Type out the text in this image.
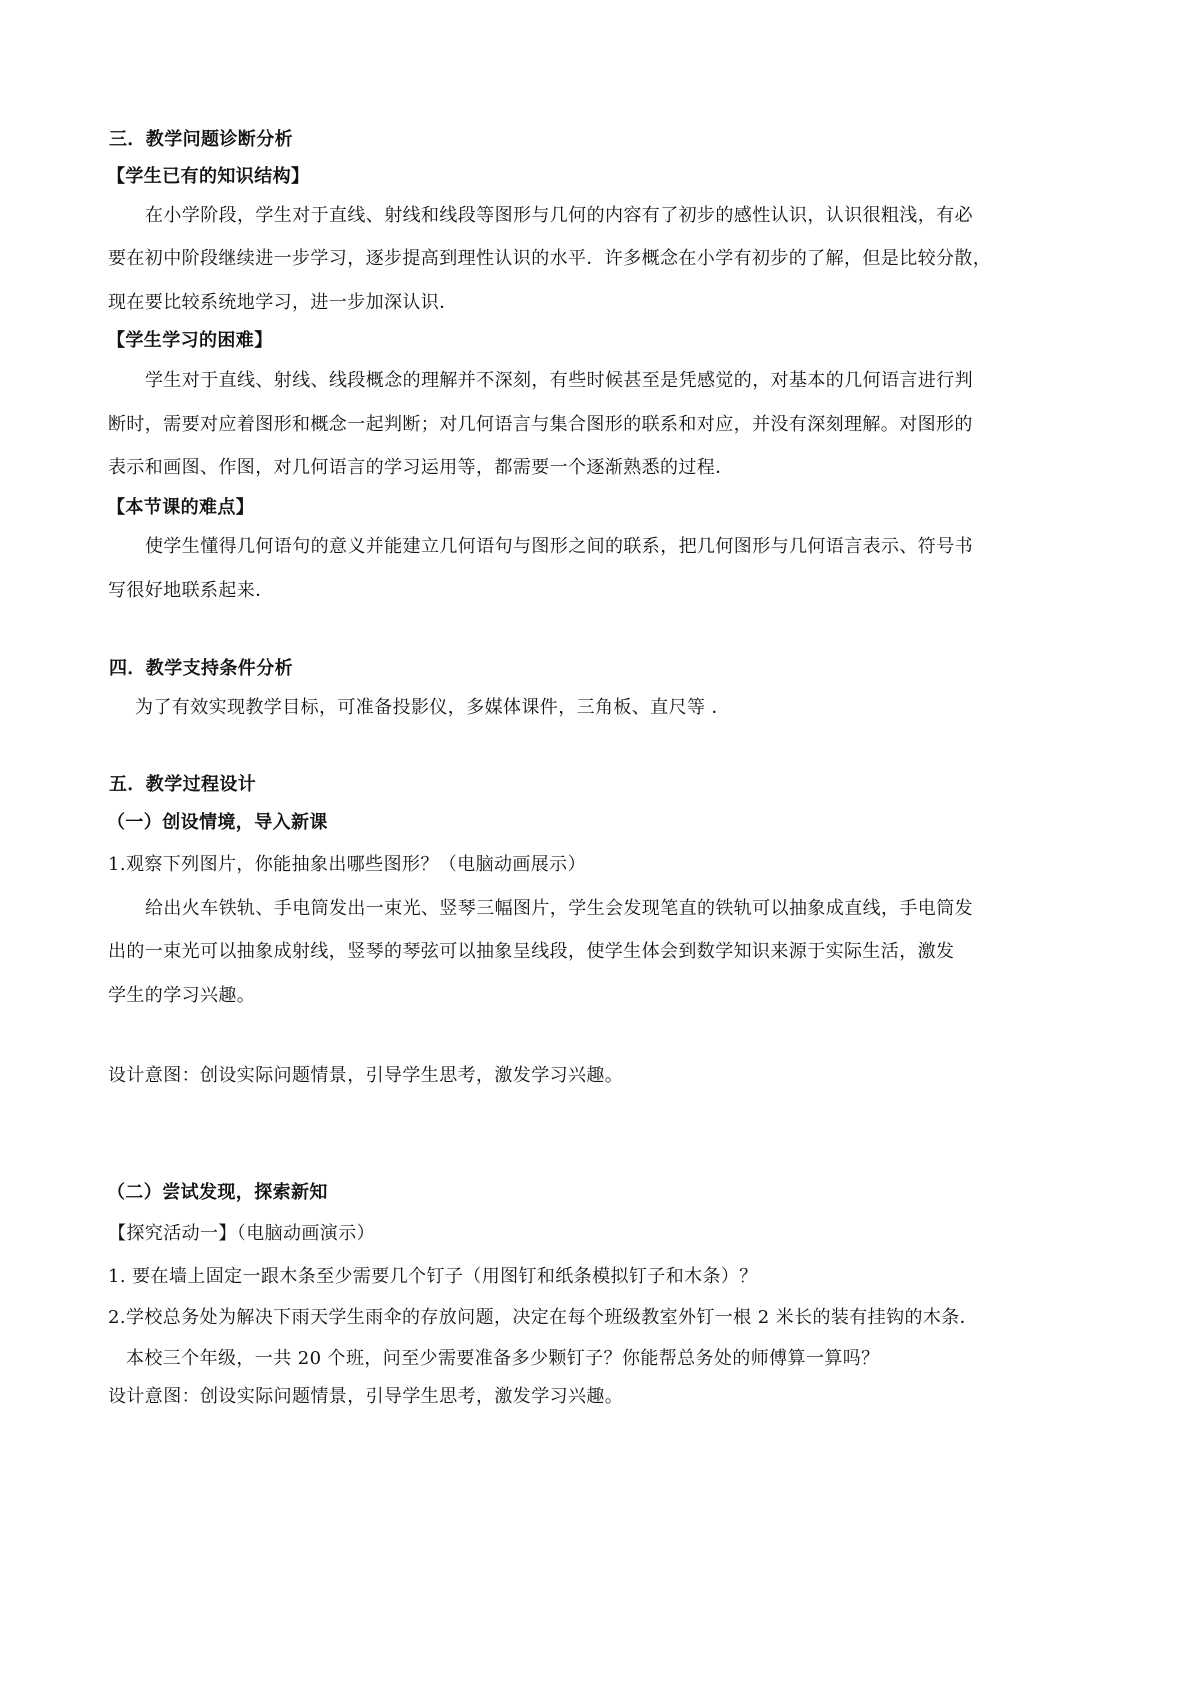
三．教学问题诊断分析
【学生已有的知识结构】
在小学阶段，学生对于直线、射线和线段等图形与几何的内容有了初步的感性认识，认识很粗浅，有必
要在初中阶段继续进一步学习，逐步提高到理性认识的水平．许多概念在小学有初步的了解，但是比较分散，
现在要比较系统地学习，进一步加深认识．
【学生学习的困难】
学生对于直线、射线、线段概念的理解并不深刻，有些时候甚至是凭感觉的，对基本的几何语言进行判
断时，需要对应着图形和概念一起判断；对几何语言与集合图形的联系和对应，并没有深刻理解。对图形的
表示和画图、作图，对几何语言的学习运用等，都需要一个逐渐熟悉的过程．
【本节课的难点】
使学生懂得几何语句的意义并能建立几何语句与图形之间的联系，把几何图形与几何语言表示、符号书
写很好地联系起来．
四．教学支持条件分析
为了有效实现教学目标，可准备投影仪，多媒体课件，三角板、直尺等 ．
五．教学过程设计
（一）创设情境，导入新课
1.观察下列图片，你能抽象出哪些图形？（电脑动画展示）
给出火车铁轨、手电筒发出一束光、竖琴三幅图片，学生会发现笔直的铁轨可以抽象成直线，手电筒发
出的一束光可以抽象成射线，竖琴的琴弦可以抽象呈线段，使学生体会到数学知识来源于实际生活，激发
学生的学习兴趣。
设计意图：创设实际问题情景，引导学生思考，激发学习兴趣。
（二）尝试发现，探索新知
【探究活动一】（电脑动画演示）
1. 要在墙上固定一跟木条至少需要几个钉子（用图钉和纸条模拟钉子和木条）？
2.学校总务处为解决下雨天学生雨伞的存放问题，决定在每个班级教室外钉一根 2 米长的装有挂钩的木条．
本校三个年级，一共 20 个班，问至少需要准备多少颗钉子？你能帮总务处的师傅算一算吗？
设计意图：创设实际问题情景，引导学生思考，激发学习兴趣。
